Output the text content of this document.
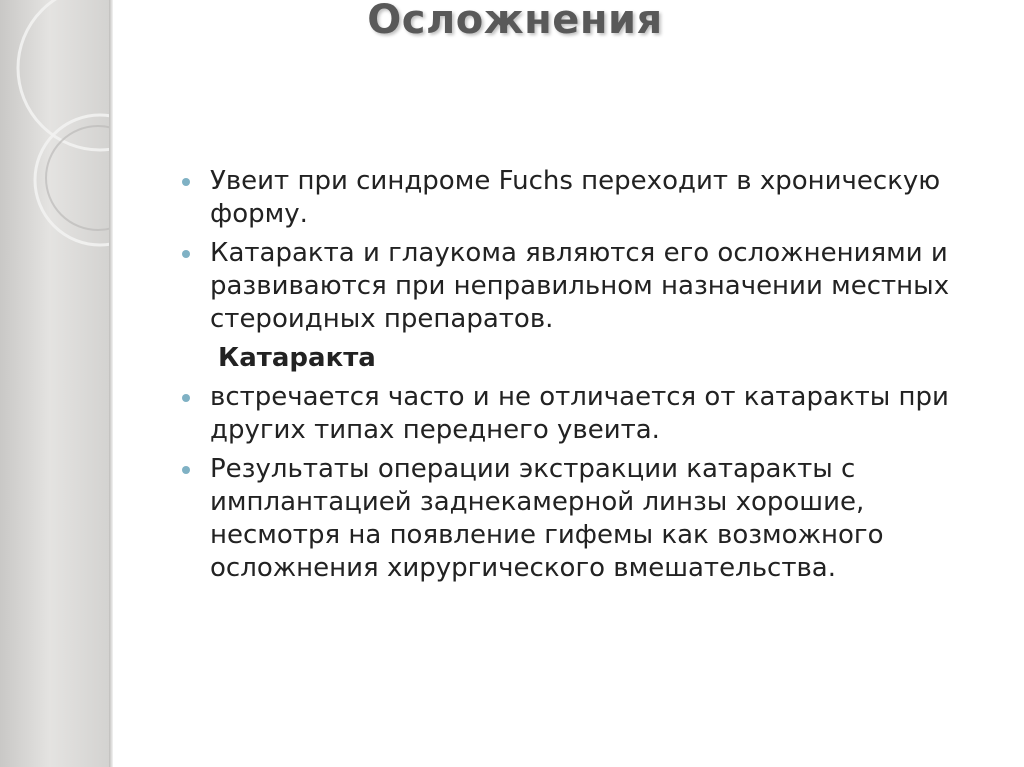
Осложнения
Увеит при синдроме Fuchs переходит в хроническую форму.
Катаракта и глаукома являются его осложнениями и развиваются при неправильном назначении местных стероидных препаратов.
Катаракта
встречается часто и не отличается от катаракты при других типах переднего увеита.
Результаты операции экстракции катаракты с имплантацией заднекамерной линзы хорошие, несмотря на появление гифемы как возможного осложнения хирургического вмешательства.
